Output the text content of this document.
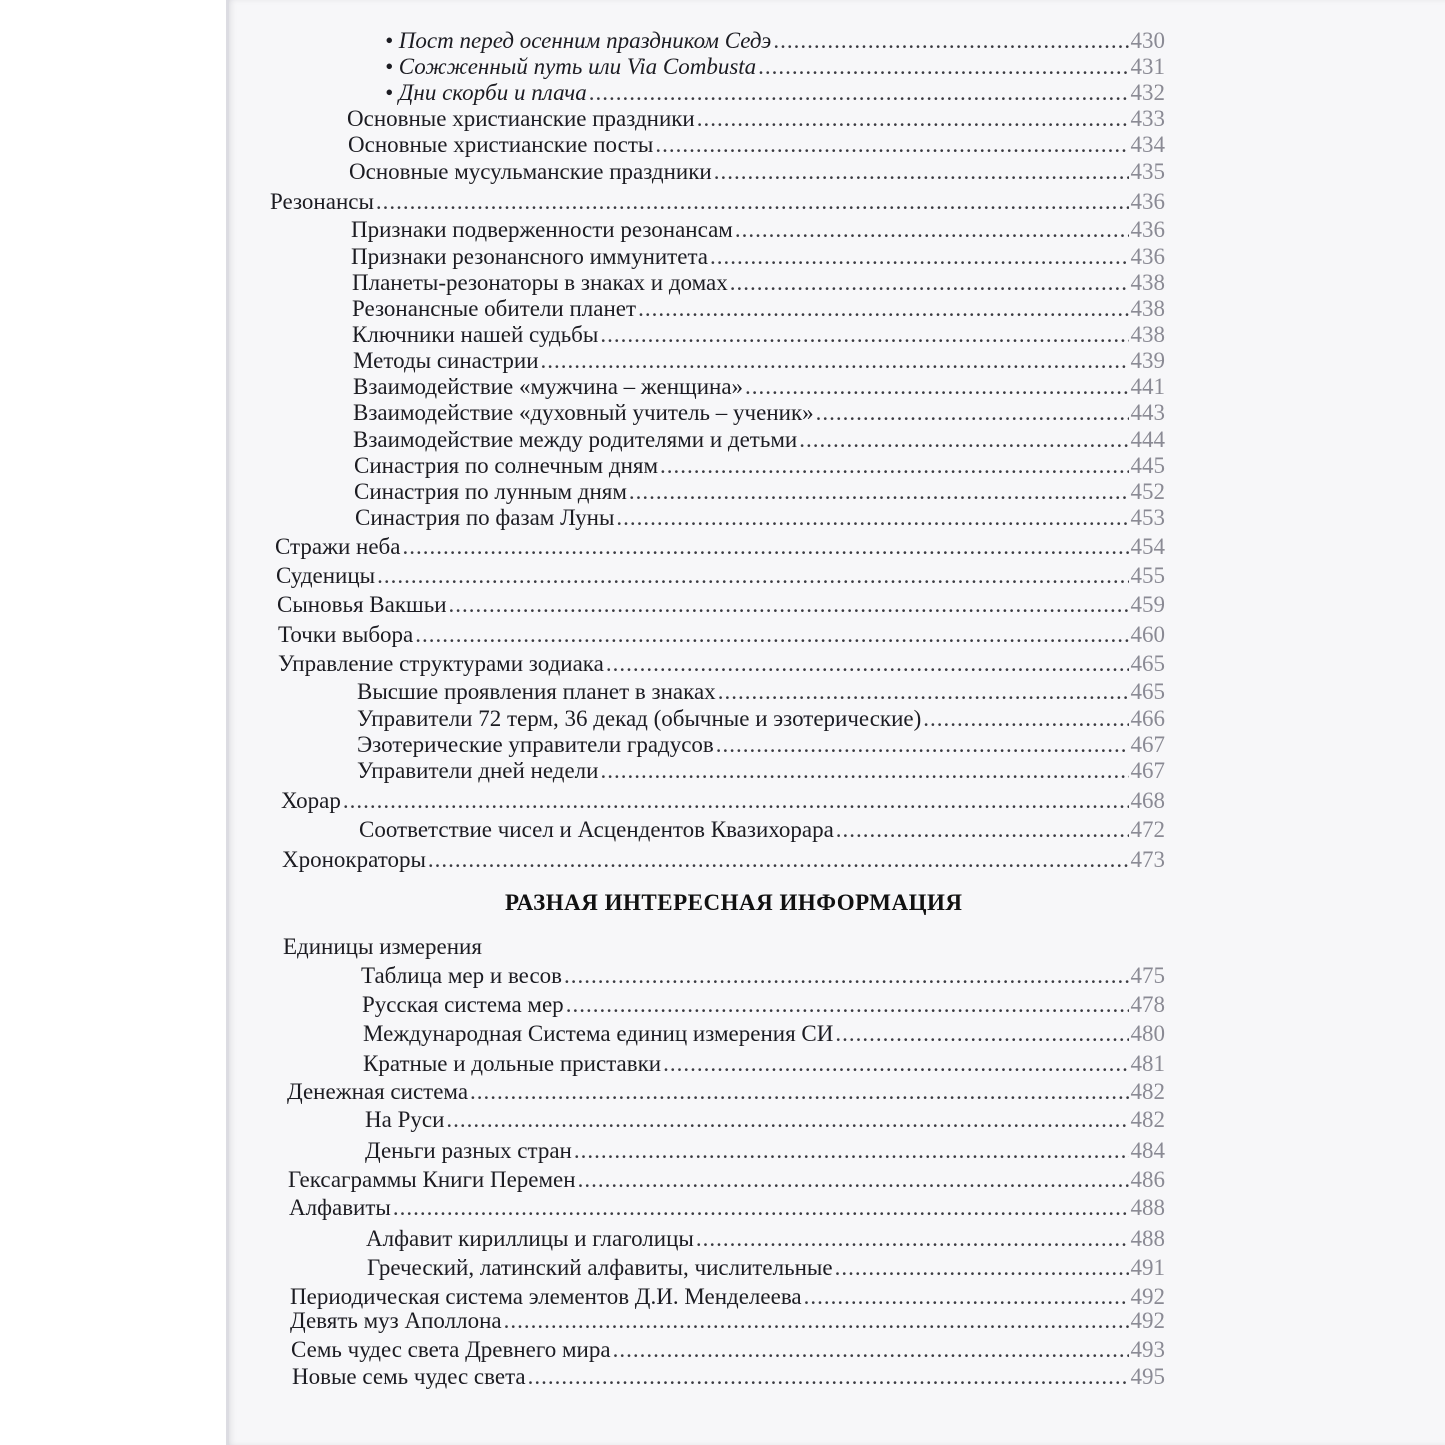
• Пост перед осенним праздником Седэ .....	430
• Сожженный путь или Via Combusta .....	431
• Дни скорби и плача .....	432
Основные христианские праздники .....	433
Основные христианские посты .....	434
Основные мусульманские праздники .....	435
Резонансы .....	436
Признаки подверженности резонансам .....	436
Признаки резонансного иммунитета .....	436
Планеты-резонаторы в знаках и домах .....	438
Резонансные обители планет .....	438
Ключники нашей судьбы .....	438
Методы синастрии .....	439
Взаимодействие «мужчина – женщина» .....	441
Взаимодействие «духовный учитель – ученик» .....	443
Взаимодействие между родителями и детьми .....	444
Синастрия по солнечным дням .....	445
Синастрия по лунным дням .....	452
Синастрия по фазам Луны .....	453
Стражи неба .....	454
Суденицы .....	455
Сыновья Вакшьи .....	459
Точки выбора .....	460
Управление структурами зодиака .....	465
Высшие проявления планет в знаках .....	465
Управители 72 терм, 36 декад (обычные и эзотерические) .....	466
Эзотерические управители градусов .....	467
Управители дней недели .....	467
Хорар .....	468
Соответствие чисел и Асцендентов Квазихорара .....	472
Хронократоры .....	473
РАЗНАЯ ИНТЕРЕСНАЯ ИНФОРМАЦИЯ
Единицы измерения
Таблица мер и весов .....	475
Русская система мер .....	478
Международная Система единиц измерения СИ .....	480
Кратные и дольные приставки .....	481
Денежная система .....	482
На Руси .....	482
Деньги разных стран .....	484
Гексаграммы Книги Перемен .....	486
Алфавиты .....	488
Алфавит кириллицы и глаголицы .....	488
Греческий, латинский алфавиты, числительные .....	491
Периодическая система элементов Д.И. Менделеева .....	492
Девять муз Аполлона .....	492
Семь чудес света Древнего мира .....	493
Новые семь чудес света .....	495
